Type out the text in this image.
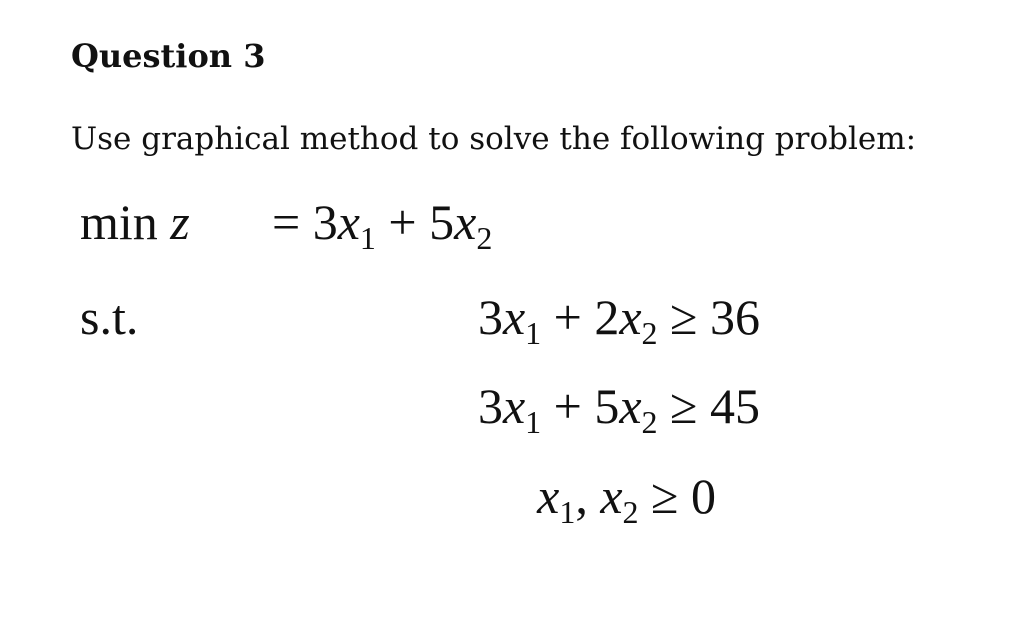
Question 3
Use graphical method to solve the following problem:
$\min z = 3x_1 + 5x_2$
s.t.	$3x_1 + 2x_2 \ge 36$
$3x_1 + 5x_2 \ge 45$
$x_1$, $x_2 \ge 0$
